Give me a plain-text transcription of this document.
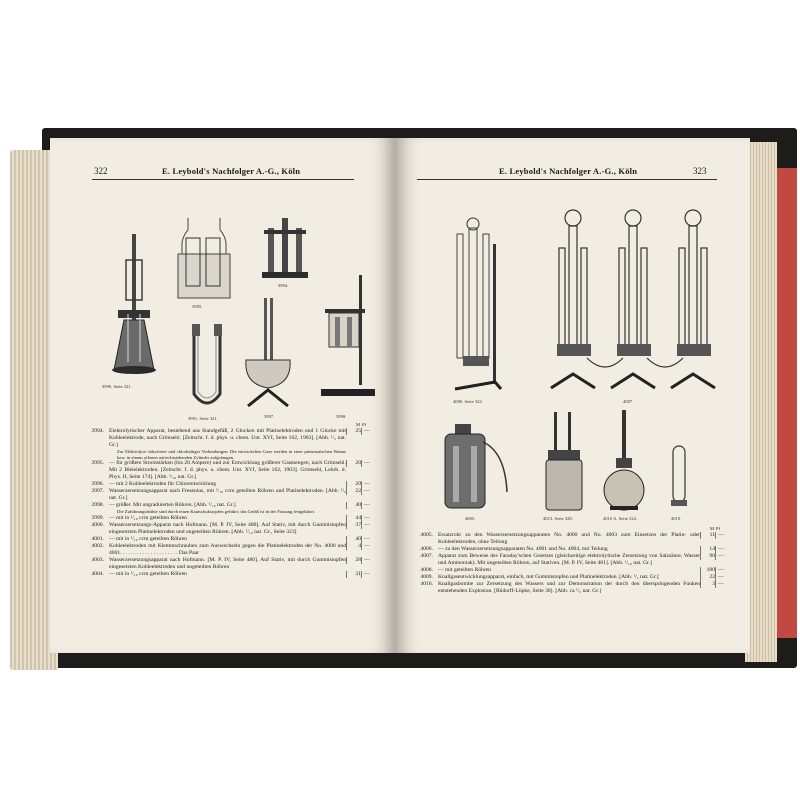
322	E. Leybold's Nachfolger A.-G., Köln
3990. Seite 321.
3995.
3994.
3991. Seite 321.	3997.	3998.
M Pf
3994. Elektrolytischer Apparat, bestehend aus Standgefäß, 2 Glocken mit Platinelektroden und 1 Glocke mit Kohleelektrode, nach Grimsehl. [Zeitschr. f. d. phys. u. chem. Unt. XVI, Seite 162, 1903]. [Abb. ¹/₅ nat. Gr.]
25 —
Zur Elektrolyse chlorfreier und chlorhaltiger Verbindungen. Die entwickelten Gase werden in einer pneumatischen Wanne bzw. in einem offenen aufrechtstehenden Zylinder aufgefangen.
3995. — für größere Stromstärken (bis 20 Ampere) und zur Entwicklung größerer Gasmengen, nach Grimsehl. Mit 2 Bleielektroden. [Zeitschr. f. d. phys. u. chem. Unt. XVI, Seite 162, 1903]. Grimsehl, Lehrb. d. Phys. II, Seite 174]. [Abb. ¹/₁₀ nat. Gr.]
20 —
3996. — mit 2 Kohleelektroden für Chlorentwicklung	20 —
3997. Wasserzersetzungsapparat nach Fresenius, mit ¹/₁₀ ccm geteilten Röhren und Platinelektroden. [Abb. ¹/₅ nat. Gr.]
22 —
3998. — größer. Mit ungraduierten Röhren. [Abb. ¹/₁₀ nat. Gr.]	40 —
Die Zuführungsdrähte sind durch einen Kautschukstopfen geführt; das Gefäß ist in der Fassung festgekittet.
3999. — mit in ¹/₁₀ ccm geteilten Röhren	44 —
4000. Wasserzersetzungs-Apparat nach Hofmann. [M. P. IV, Seite 480]. Auf Stativ, mit durch Gummistopfen eingesetzten Platinelektroden und ungeteilten Röhren. [Abb. ¹/₁₀ nat. Gr., Seite 323]
37 —
4001. — mit in ¹/₁₀ ccm geteilten Röhren	40 —
4002. Kohleelektroden mit Klemmschrauben zum Auswechseln gegen die Platinelektroden der No. 4000 und 4001. . . . . . . . . . . . . . . . . . . . . Das Paar
4 —
4003. Wasserzersetzungsapparat nach Hofmann. [M. P. IV, Seite 480]. Auf Stativ, mit durch Gummistopfen eingesetzten Kohleelektroden und ungeteilten Röhren
28 —
4004. — mit in ¹/₁₀ ccm geteilten Röhren	31 —
E. Leybold's Nachfolger A.-G., Köln	323
4000. Seite 322.	4007.
4005.	4013. Seite 328.	4010 A. Seite 324.	4010.
M Pf
4005. Ersatzrohr zu den Wasserzersetzungsapparaten No. 4000 und No. 4003 zum Einsetzen der Platin- oder Kohleelektroden, ohne Teilung
11 —
4006. — zu den Wasserzersetzungsapparaten No. 4001 und No. 4004, mit Teilung	14 —
4007. Apparat zum Beweise des Faraday'schen Gesetzes (gleichzeitige elektrolytische Zersetzung von Salzsäure, Wasser und Ammoniak). Mit ungeteilten Röhren, auf Stativen. [M. P. IV, Seite 481]. [Abb. ¹/₁₀ nat. Gr.]
90 —
4008. — mit geteilten Röhren	100 —
4009. Knallgasentwicklungsapparat, einfach, mit Gummistopfen und Platinelektroden. [Abb. ¹/₅ nat. Gr.]	22 —
4010. Knallgasbombe zur Zersetzung des Wassers und zur Demonstration der durch den überspringenden Funken entstehenden Explosion. [Rüdorff-Lüpke, Seite 38]. [Abb. ca ¹/₅ nat. Gr.]
3 —
